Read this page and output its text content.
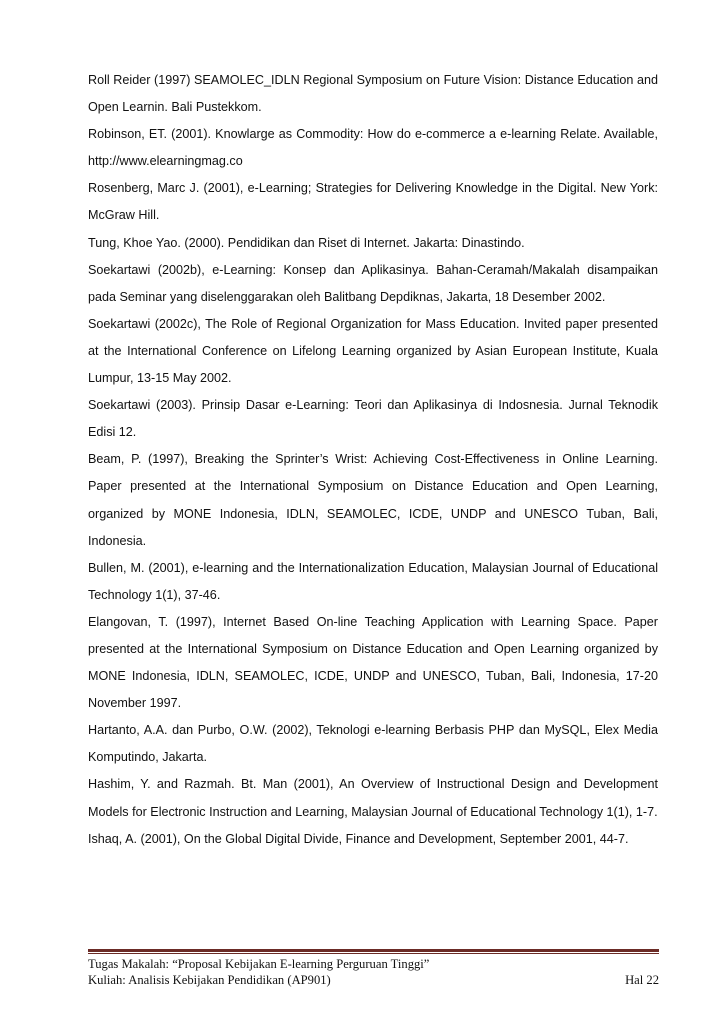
Roll Reider (1997) SEAMOLEC_IDLN Regional Symposium on Future Vision: Distance Education and Open Learnin. Bali Pustekkom.

Robinson, ET. (2001). Knowlarge as Commodity: How do e-commerce a e-learning Relate. Available, http://www.elearningmag.co

Rosenberg, Marc J. (2001), e-Learning; Strategies for Delivering Knowledge in the Digital. New York: McGraw Hill.

Tung, Khoe Yao. (2000). Pendidikan dan Riset di Internet. Jakarta: Dinastindo.

Soekartawi (2002b), e-Learning: Konsep dan Aplikasinya. Bahan-Ceramah/Makalah disampaikan pada Seminar yang diselenggarakan oleh Balitbang Depdiknas, Jakarta, 18 Desember 2002.

Soekartawi (2002c), The Role of Regional Organization for Mass Education. Invited paper presented at the International Conference on Lifelong Learning organized by Asian European Institute, Kuala Lumpur, 13-15 May 2002.

Soekartawi (2003). Prinsip Dasar e-Learning: Teori dan Aplikasinya di Indosnesia. Jurnal Teknodik Edisi 12.

Beam, P. (1997), Breaking the Sprinter’s Wrist: Achieving Cost-Effectiveness in Online Learning. Paper presented at the International Symposium on Distance Education and Open Learning, organized by MONE Indonesia, IDLN, SEAMOLEC, ICDE, UNDP and UNESCO Tuban, Bali, Indonesia.

Bullen, M. (2001), e-learning and the Internationalization Education, Malaysian Journal of Educational Technology 1(1), 37-46.

Elangovan, T. (1997), Internet Based On-line Teaching Application with Learning Space. Paper presented at the International Symposium on Distance Education and Open Learning organized by MONE Indonesia, IDLN, SEAMOLEC, ICDE, UNDP and UNESCO, Tuban, Bali, Indonesia, 17-20 November 1997.

Hartanto, A.A. dan Purbo, O.W. (2002), Teknologi e-learning Berbasis PHP dan MySQL, Elex Media Komputindo, Jakarta.

Hashim, Y. and Razmah. Bt. Man (2001), An Overview of Instructional Design and Development Models for Electronic Instruction and Learning, Malaysian Journal of Educational Technology 1(1), 1-7.

Ishaq, A. (2001), On the Global Digital Divide, Finance and Development, September 2001, 44-7.

Tugas Makalah: “Proposal Kebijakan E-learning Perguruan Tinggi”
Kuliah: Analisis Kebijakan Pendidikan (AP901)	Hal 22
